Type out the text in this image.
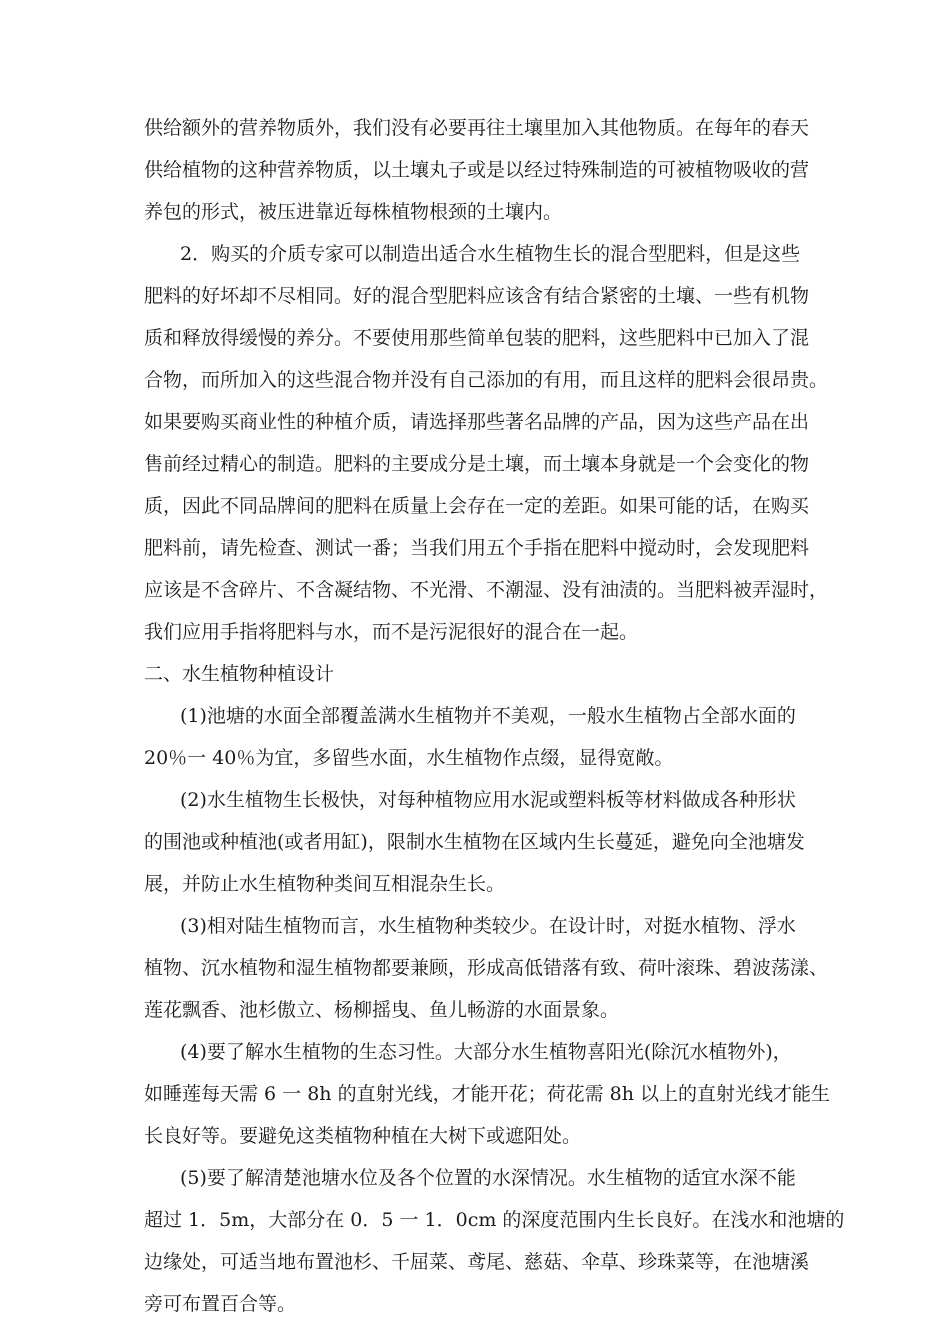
供给额外的营养物质外，我们没有必要再往土壤里加入其他物质。在每年的春天
供给植物的这种营养物质，以土壤丸子或是以经过特殊制造的可被植物吸收的营
养包的形式，被压进靠近每株植物根颈的土壤内。
2．购买的介质专家可以制造出适合水生植物生长的混合型肥料，但是这些
肥料的好坏却不尽相同。好的混合型肥料应该含有结合紧密的土壤、一些有机物
质和释放得缓慢的养分。不要使用那些简单包装的肥料，这些肥料中已加入了混
合物，而所加入的这些混合物并没有自己添加的有用，而且这样的肥料会很昂贵。
如果要购买商业性的种植介质，请选择那些著名品牌的产品，因为这些产品在出
售前经过精心的制造。肥料的主要成分是土壤，而土壤本身就是一个会变化的物
质，因此不同品牌间的肥料在质量上会存在一定的差距。如果可能的话，在购买
肥料前，请先检查、测试一番；当我们用五个手指在肥料中搅动时，会发现肥料
应该是不含碎片、不含凝结物、不光滑、不潮湿、没有油渍的。当肥料被弄湿时，
我们应用手指将肥料与水，而不是污泥很好的混合在一起。
二、水生植物种植设计
(1)池塘的水面全部覆盖满水生植物并不美观，一般水生植物占全部水面的
20％一 40％为宜，多留些水面，水生植物作点缀，显得宽敞。
(2)水生植物生长极快，对每种植物应用水泥或塑料板等材料做成各种形状
的围池或种植池(或者用缸)，限制水生植物在区域内生长蔓延，避免向全池塘发
展，并防止水生植物种类间互相混杂生长。
(3)相对陆生植物而言，水生植物种类较少。在设计时，对挺水植物、浮水
植物、沉水植物和湿生植物都要兼顾，形成高低错落有致、荷叶滚珠、碧波荡漾、
莲花飘香、池杉傲立、杨柳摇曳、鱼儿畅游的水面景象。
(4)要了解水生植物的生态习性。大部分水生植物喜阳光(除沉水植物外)，
如睡莲每天需 6 一 8h 的直射光线，才能开花；荷花需 8h 以上的直射光线才能生
长良好等。要避免这类植物种植在大树下或遮阳处。
(5)要了解清楚池塘水位及各个位置的水深情况。水生植物的适宜水深不能
超过 1．5m，大部分在 0．5 一 1．0cm 的深度范围内生长良好。在浅水和池塘的
边缘处，可适当地布置池杉、千屈菜、鸢尾、慈菇、伞草、珍珠菜等，在池塘溪
旁可布置百合等。
